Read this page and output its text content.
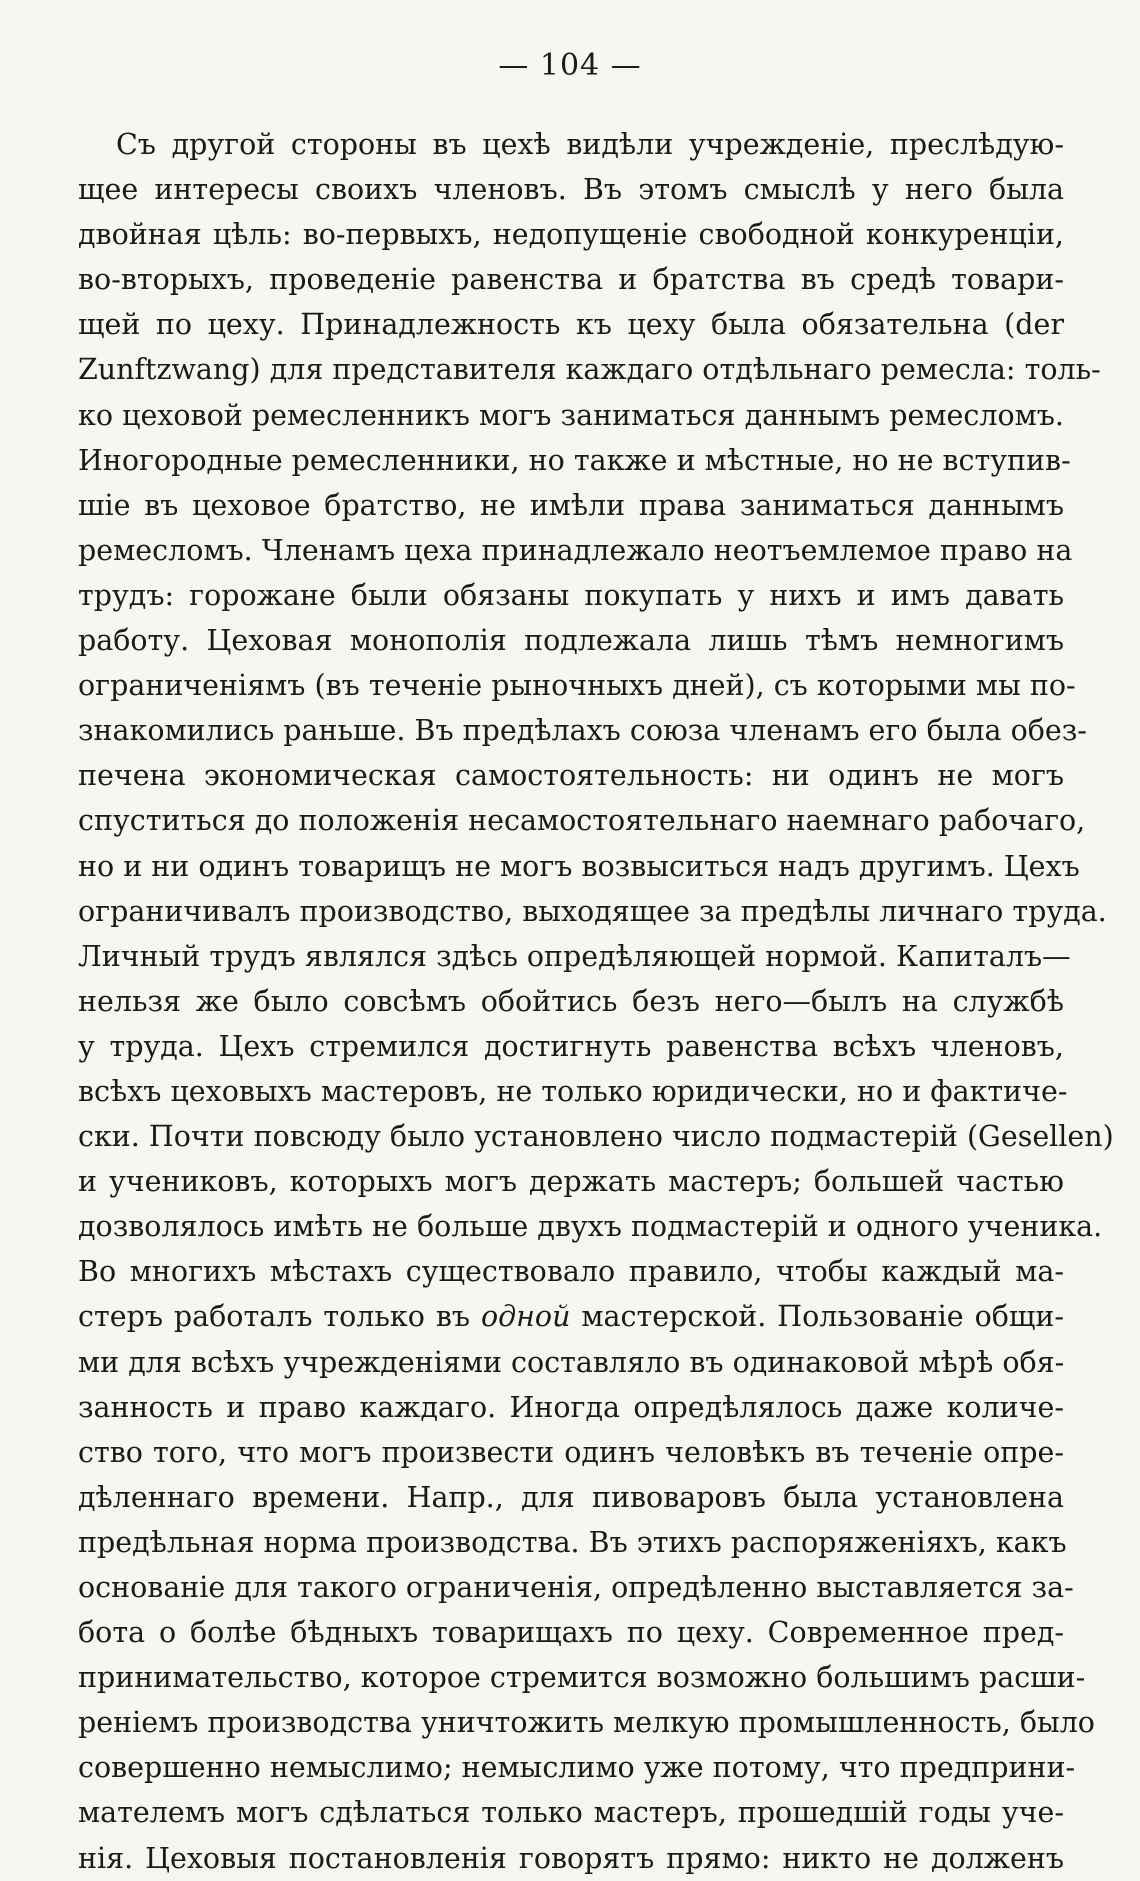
— 104 —
Съ другой стороны въ цехѣ видѣли учрежденіе, преслѣдую-
щее интересы своихъ членовъ. Въ этомъ смыслѣ у него была
двойная цѣль: во-первыхъ, недопущеніе свободной конкуренціи,
во-вторыхъ, проведеніе равенства и братства въ средѣ товари-
щей по цеху. Принадлежность къ цеху была обязательна (der
Zunftzwang) для представителя каждаго отдѣльнаго ремесла: толь-
ко цеховой ремесленникъ могъ заниматься даннымъ ремесломъ.
Иногородные ремесленники, но также и мѣстные, но не вступив-
шіе въ цеховое братство, не имѣли права заниматься даннымъ
ремесломъ. Членамъ цеха принадлежало неотъемлемое право на
трудъ: горожане были обязаны покупать у нихъ и имъ давать
работу. Цеховая монополія подлежала лишь тѣмъ немногимъ
ограниченіямъ (въ теченіе рыночныхъ дней), съ которыми мы по-
знакомились раньше. Въ предѣлахъ союза членамъ его была обез-
печена экономическая самостоятельность: ни одинъ не могъ
спуститься до положенія несамостоятельнаго наемнаго рабочаго,
но и ни одинъ товарищъ не могъ возвыситься надъ другимъ. Цехъ
ограничивалъ производство, выходящее за предѣлы личнаго труда.
Личный трудъ являлся здѣсь опредѣляющей нормой. Капиталъ—
нельзя же было совсѣмъ обойтись безъ него—былъ на службѣ
у труда. Цехъ стремился достигнуть равенства всѣхъ членовъ,
всѣхъ цеховыхъ мастеровъ, не только юридически, но и фактиче-
ски. Почти повсюду было установлено число подмастерій (Gesellen)
и учениковъ, которыхъ могъ держать мастеръ; большей частью
дозволялось имѣть не больше двухъ подмастерій и одного ученика.
Во многихъ мѣстахъ существовало правило, чтобы каждый ма-
стеръ работалъ только въ одной мастерской. Пользованіе общи-
ми для всѣхъ учрежденіями составляло въ одинаковой мѣрѣ обя-
занность и право каждаго. Иногда опредѣлялось даже количе-
ство того, что могъ произвести одинъ человѣкъ въ теченіе опре-
дѣленнаго времени. Напр., для пивоваровъ была установлена
предѣльная норма производства. Въ этихъ распоряженіяхъ, какъ
основаніе для такого ограниченія, опредѣленно выставляется за-
бота о болѣе бѣдныхъ товарищахъ по цеху. Современное пред-
принимательство, которое стремится возможно большимъ расши-
реніемъ производства уничтожить мелкую промышленность, было
совершенно немыслимо; немыслимо уже потому, что предприни-
мателемъ могъ сдѣлаться только мастеръ, прошедшій годы уче-
нія. Цеховыя постановленія говорятъ прямо: никто не долженъ
